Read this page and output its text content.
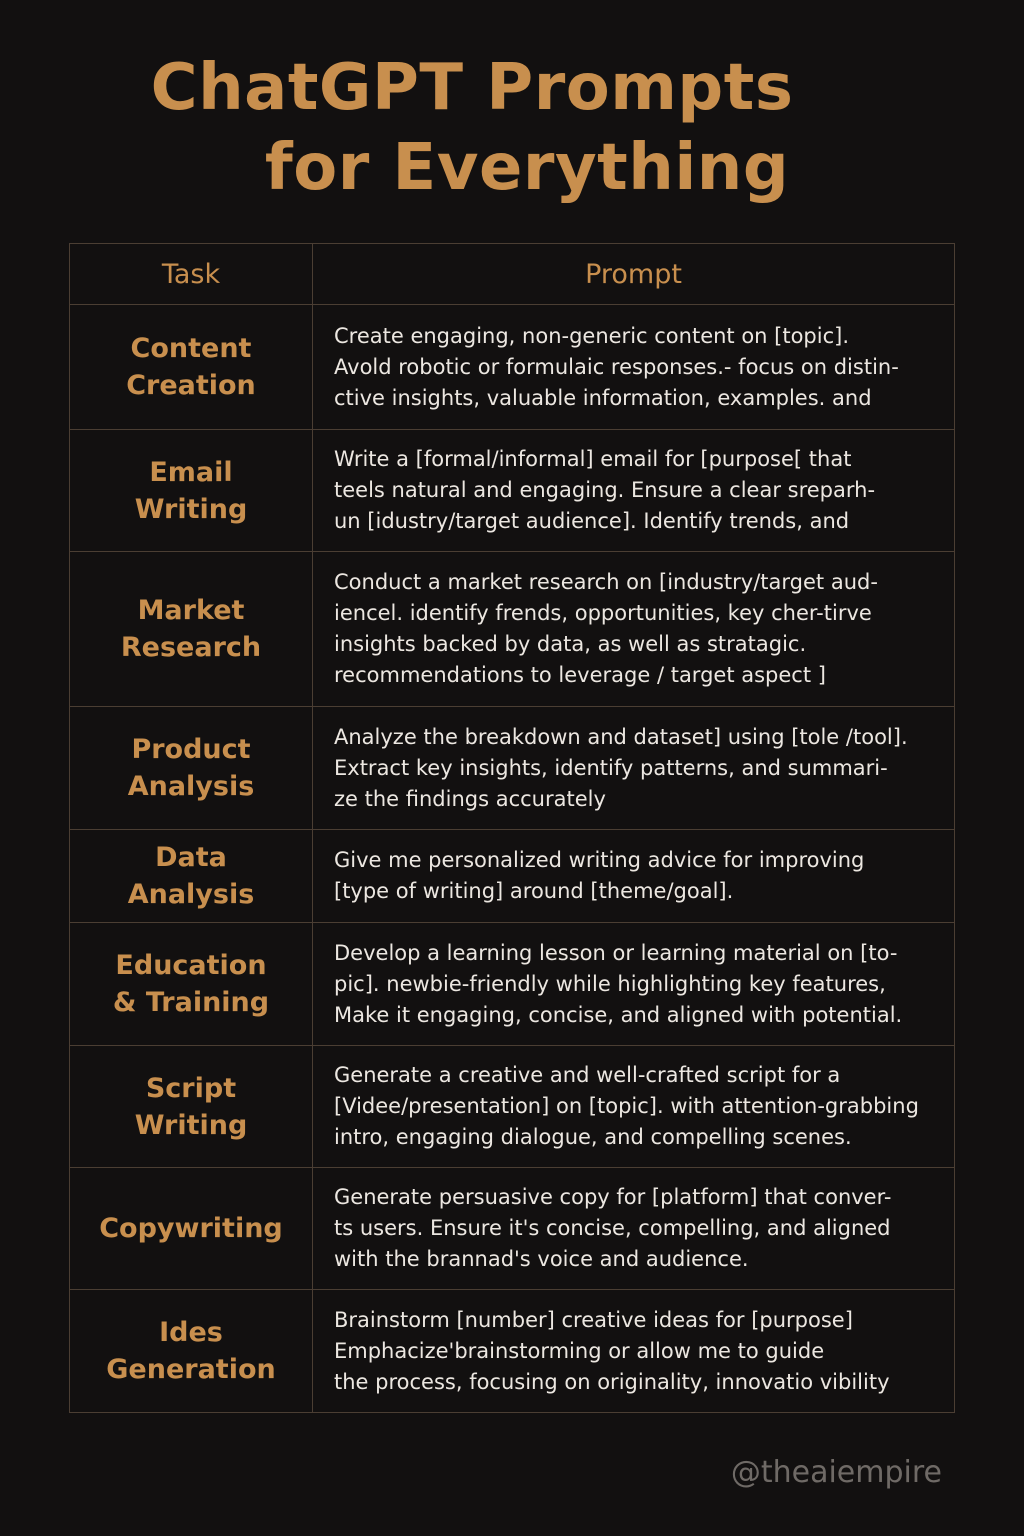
ChatGPT Prompts
for Everything
Task	Prompt

Content
Creation	Create engaging, non-generic content on [topic].
Avold robotic or formulaic responses.- focus on distin-
ctive insights, valuable information, examples. and

Email
Writing	Write a [formal/informal] email for [purpose[ that
teels natural and engaging. Ensure a clear sreparh-
un [idustry/target audience]. Identify trends, and

Market
Research	Conduct a market research on [industry/target aud-
iencel. identify frends, opportunities, key cher-tirve
insights backed by data, as well as stratagic.
recommendations to leverage / target aspect ]

Product
Analysis	Analyze the breakdown and dataset] using [tole /tool].
Extract key insights, identify patterns, and summari-
ze the findings accurately

Data
Analysis	Give me personalized writing advice for improving
[type of writing] around [theme/goal].

Education
& Training	Develop a learning lesson or learning material on [to-
pic]. newbie-friendly while highlighting key features,
Make it engaging, concise, and aligned with potential.

Script
Writing	Generate a creative and well-crafted script for a
[Videe/presentation] on [topic]. with attention-grabbing
intro, engaging dialogue, and compelling scenes.

Copywriting	Generate persuasive copy for [platform] that conver-
ts users. Ensure it's concise, compelling, and aligned
with the brannad's voice and audience.

Ides
Generation	Brainstorm [number] creative ideas for [purpose]
Emphacize'brainstorming or allow me to guide
the process, focusing on originality, innovatio vibility
@theaiempire
